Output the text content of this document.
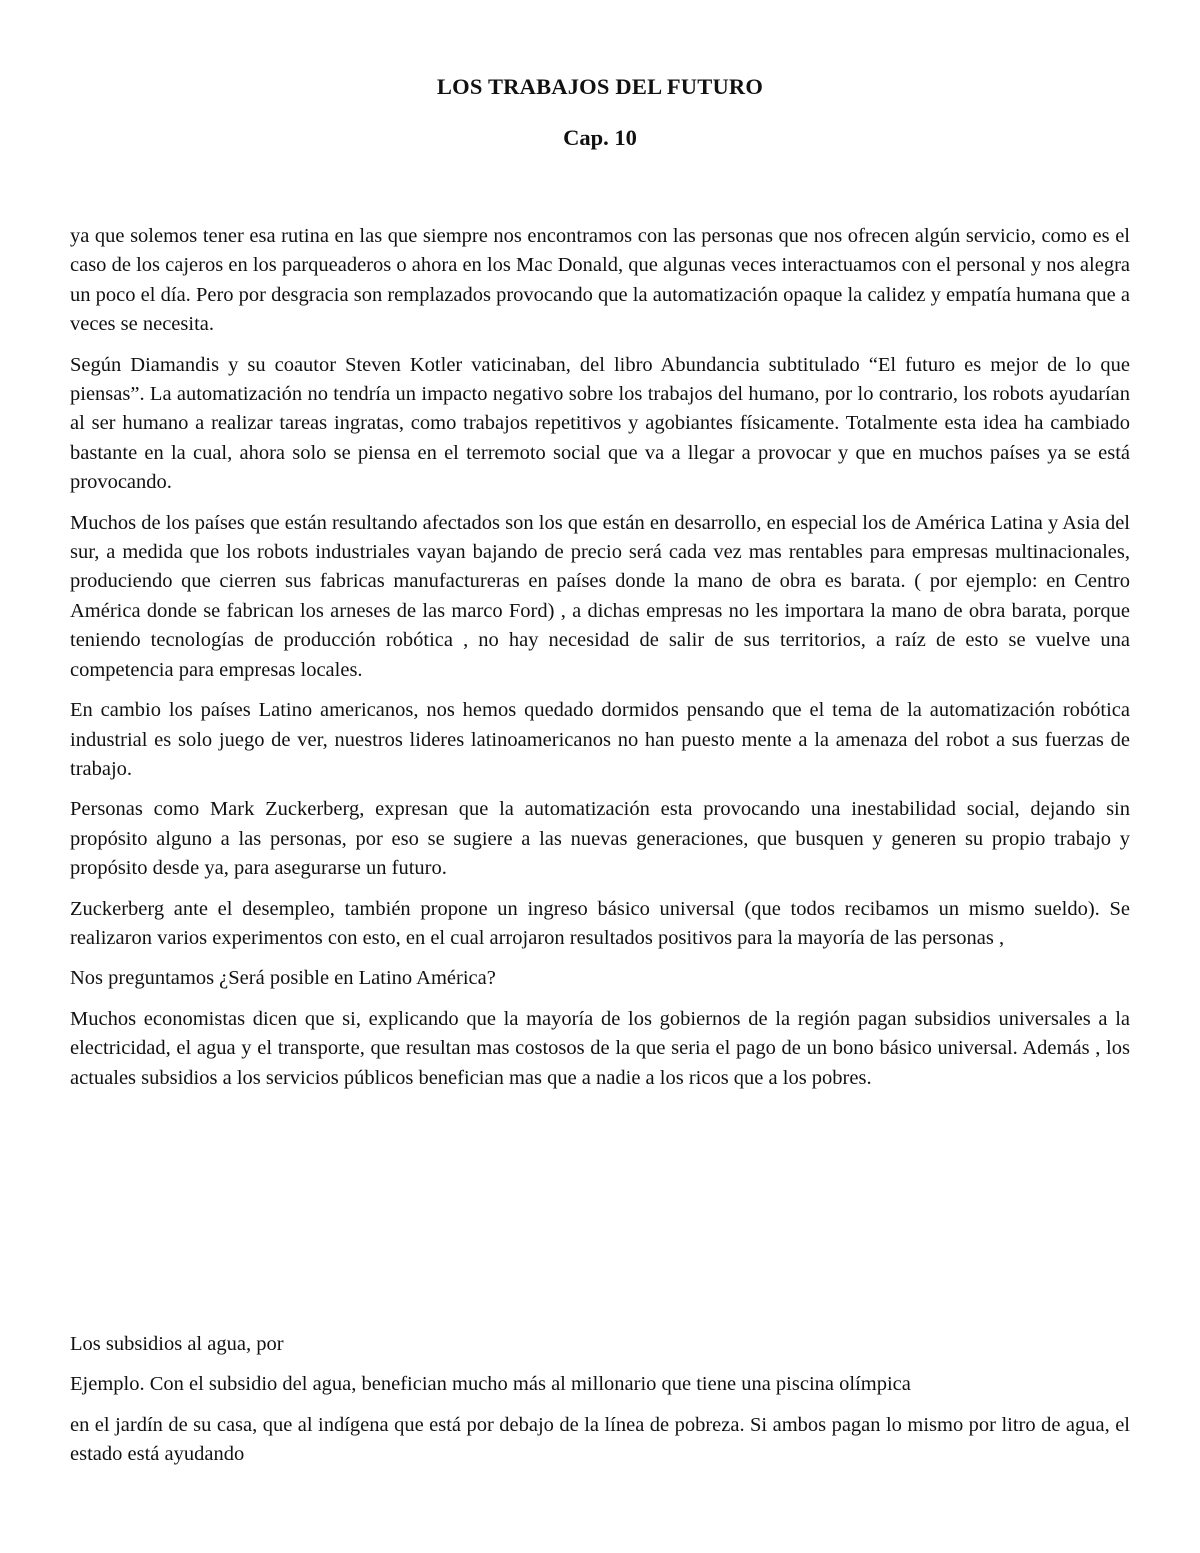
LOS TRABAJOS DEL FUTURO
Cap. 10

ya que solemos tener esa rutina en las que siempre nos encontramos con las personas que nos ofrecen algún servicio, como es el caso de los cajeros en los parqueaderos o ahora en los Mac Donald, que algunas veces interactuamos con el personal y nos alegra un poco el día. Pero por desgracia son remplazados provocando que la automatización opaque la calidez y empatía humana que a veces se necesita.

Según Diamandis y su coautor Steven Kotler vaticinaban, del libro Abundancia subtitulado “El futuro es mejor de lo que piensas”. La automatización no tendría un impacto negativo sobre los trabajos del humano, por lo contrario, los robots ayudarían al ser humano a realizar tareas ingratas, como trabajos repetitivos y agobiantes físicamente. Totalmente esta idea ha cambiado bastante en la cual, ahora solo se piensa en el terremoto social que va a llegar a provocar y que en muchos países ya se está provocando.

Muchos de los países que están resultando afectados son los que están en desarrollo, en especial los de América Latina y Asia del sur, a medida que los robots industriales vayan bajando de precio será cada vez mas rentables para empresas multinacionales, produciendo que cierren sus fabricas manufactureras en países donde la mano de obra es barata. ( por ejemplo: en Centro América donde se fabrican los arneses de las marco Ford) , a dichas empresas no les importara la mano de obra barata, porque teniendo tecnologías de producción robótica , no hay necesidad de salir de sus territorios, a raíz de esto se vuelve una competencia para empresas locales.

En cambio los países Latino americanos, nos hemos quedado dormidos pensando que el tema de la automatización robótica industrial es solo juego de ver, nuestros lideres latinoamericanos no han puesto mente a la amenaza del robot a sus fuerzas de trabajo.

Personas como Mark Zuckerberg, expresan que la automatización esta provocando una inestabilidad social, dejando sin propósito alguno a las personas, por eso se sugiere a las nuevas generaciones, que busquen y generen su propio trabajo y propósito desde ya, para asegurarse un futuro.

Zuckerberg ante el desempleo, también propone un ingreso básico universal (que todos recibamos un mismo sueldo). Se realizaron varios experimentos con esto, en el cual arrojaron resultados positivos para la mayoría de las personas ,

Nos preguntamos ¿Será posible en Latino América?

Muchos economistas dicen que si, explicando que la mayoría de los gobiernos de la región pagan subsidios universales a la electricidad, el agua y el transporte, que resultan mas costosos de la que seria el pago de un bono básico universal. Además , los actuales subsidios a los servicios públicos benefician mas que a nadie a los ricos que a los pobres.

Los subsidios al agua, por

Ejemplo. Con el subsidio del agua, benefician mucho más al millonario que tiene una piscina olímpica

en el jardín de su casa, que al indígena que está por debajo de la línea de pobreza. Si ambos pagan lo mismo por litro de agua, el estado está ayudando
